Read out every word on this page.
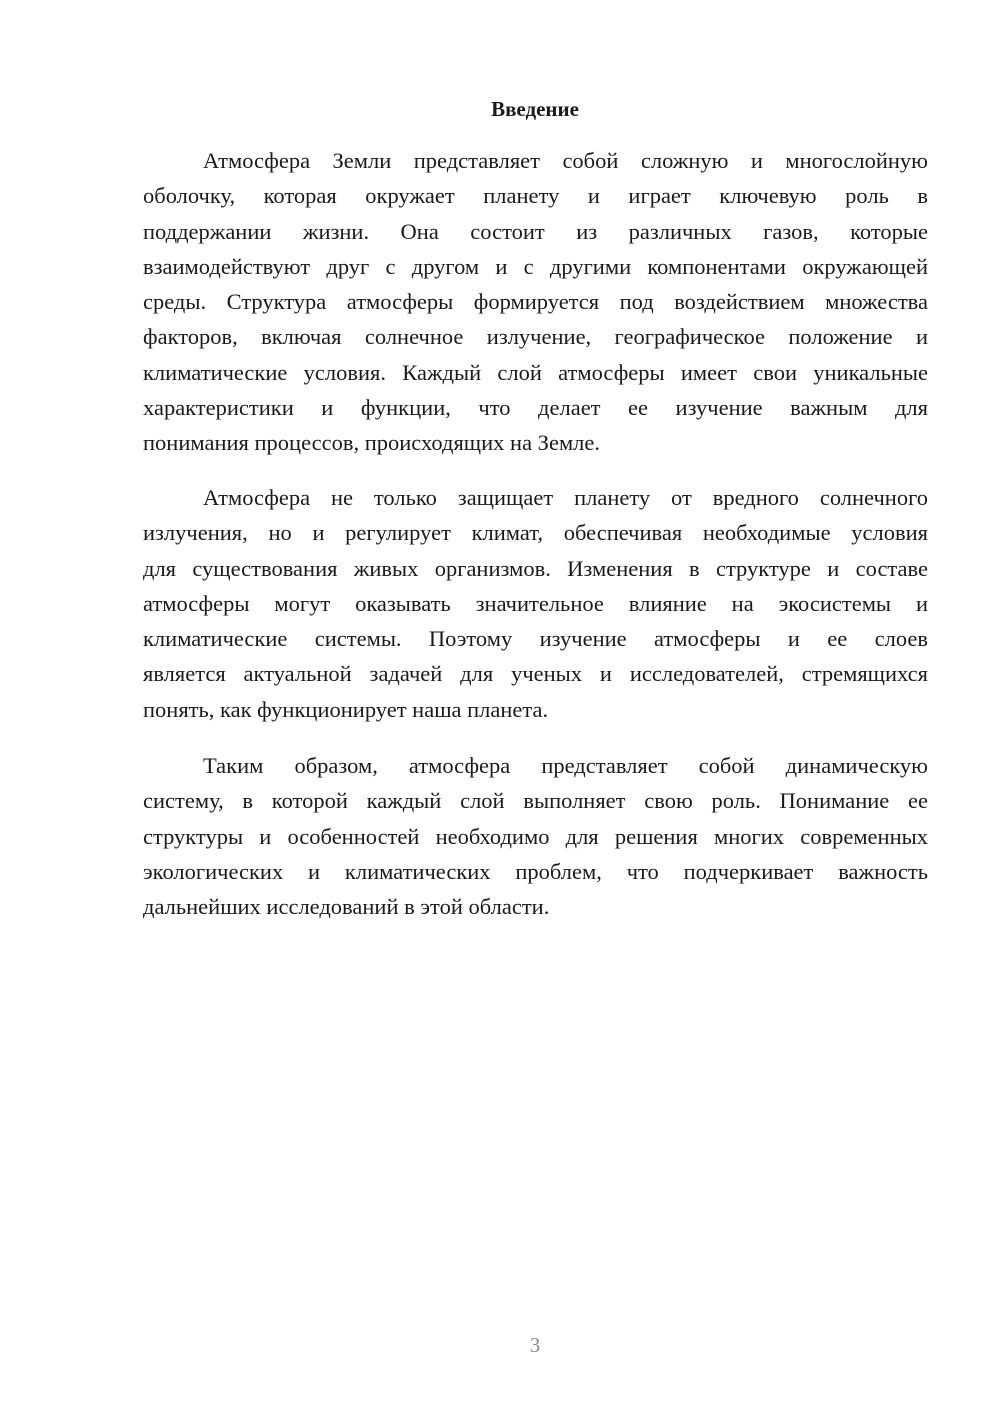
Введение
Атмосфера Земли представляет собой сложную и многослойную
оболочку, которая окружает планету и играет ключевую роль в
поддержании жизни. Она состоит из различных газов, которые
взаимодействуют друг с другом и с другими компонентами окружающей
среды. Структура атмосферы формируется под воздействием множества
факторов, включая солнечное излучение, географическое положение и
климатические условия. Каждый слой атмосферы имеет свои уникальные
характеристики и функции, что делает ее изучение важным для
понимания процессов, происходящих на Земле.
Атмосфера не только защищает планету от вредного солнечного
излучения, но и регулирует климат, обеспечивая необходимые условия
для существования живых организмов. Изменения в структуре и составе
атмосферы могут оказывать значительное влияние на экосистемы и
климатические системы. Поэтому изучение атмосферы и ее слоев
является актуальной задачей для ученых и исследователей, стремящихся
понять, как функционирует наша планета.
Таким образом, атмосфера представляет собой динамическую
систему, в которой каждый слой выполняет свою роль. Понимание ее
структуры и особенностей необходимо для решения многих современных
экологических и климатических проблем, что подчеркивает важность
дальнейших исследований в этой области.
3
